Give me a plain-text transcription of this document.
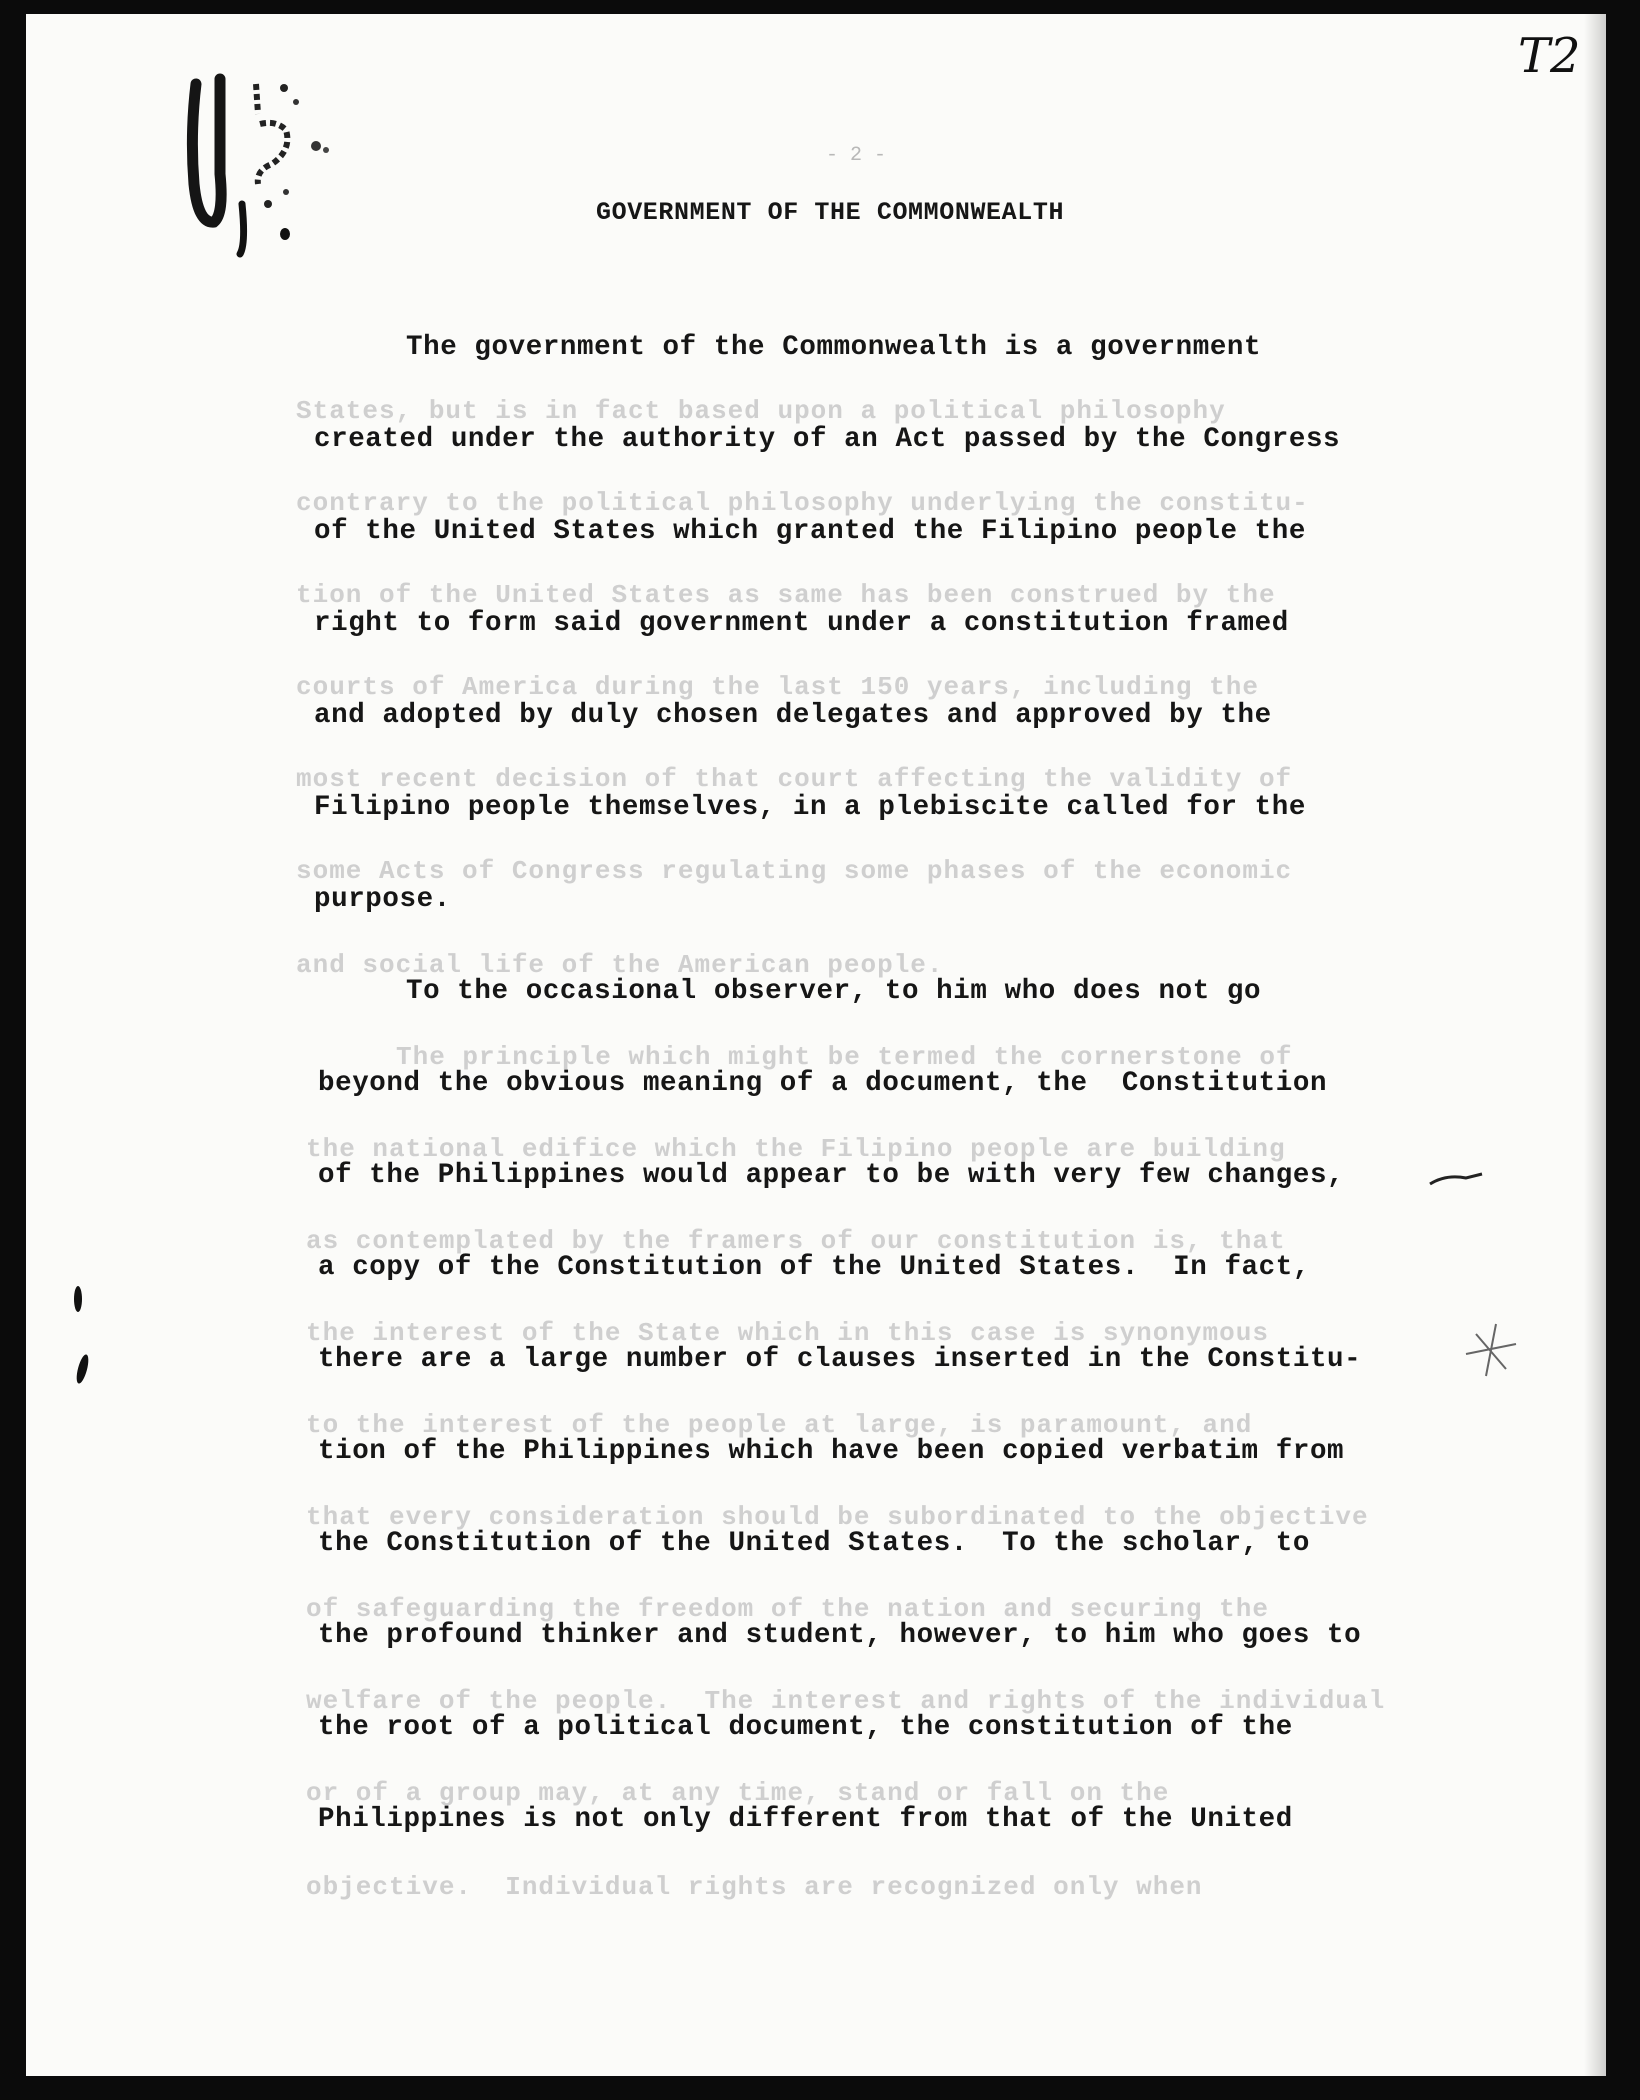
- 2 -
T2
GOVERNMENT OF THE COMMONWEALTH
States, but is in fact based upon a political philosophy
contrary to the political philosophy underlying the constitu-
tion of the United States as same has been construed by the
courts of America during the last 150 years, including the
most recent decision of that court affecting the validity of
some Acts of Congress regulating some phases of the economic
and social life of the American people.
The principle which might be termed the cornerstone of
the national edifice which the Filipino people are building
as contemplated by the framers of our constitution is, that
the interest of the State which in this case is synonymous
to the interest of the people at large, is paramount, and
that every consideration should be subordinated to the objective
of safeguarding the freedom of the nation and securing the
welfare of the people.  The interest and rights of the individual
or of a group may, at any time, stand or fall on the
objective.  Individual rights are recognized only when
The government of the Commonwealth is a government
created under the authority of an Act passed by the Congress
of the United States which granted the Filipino people the
right to form said government under a constitution framed
and adopted by duly chosen delegates and approved by the
Filipino people themselves, in a plebiscite called for the
purpose.
To the occasional observer, to him who does not go
beyond the obvious meaning of a document, the  Constitution
of the Philippines would appear to be with very few changes,
a copy of the Constitution of the United States.  In fact,
there are a large number of clauses inserted in the Constitu-
tion of the Philippines which have been copied verbatim from
the Constitution of the United States.  To the scholar, to
the profound thinker and student, however, to him who goes to
the root of a political document, the constitution of the
Philippines is not only different from that of the United
